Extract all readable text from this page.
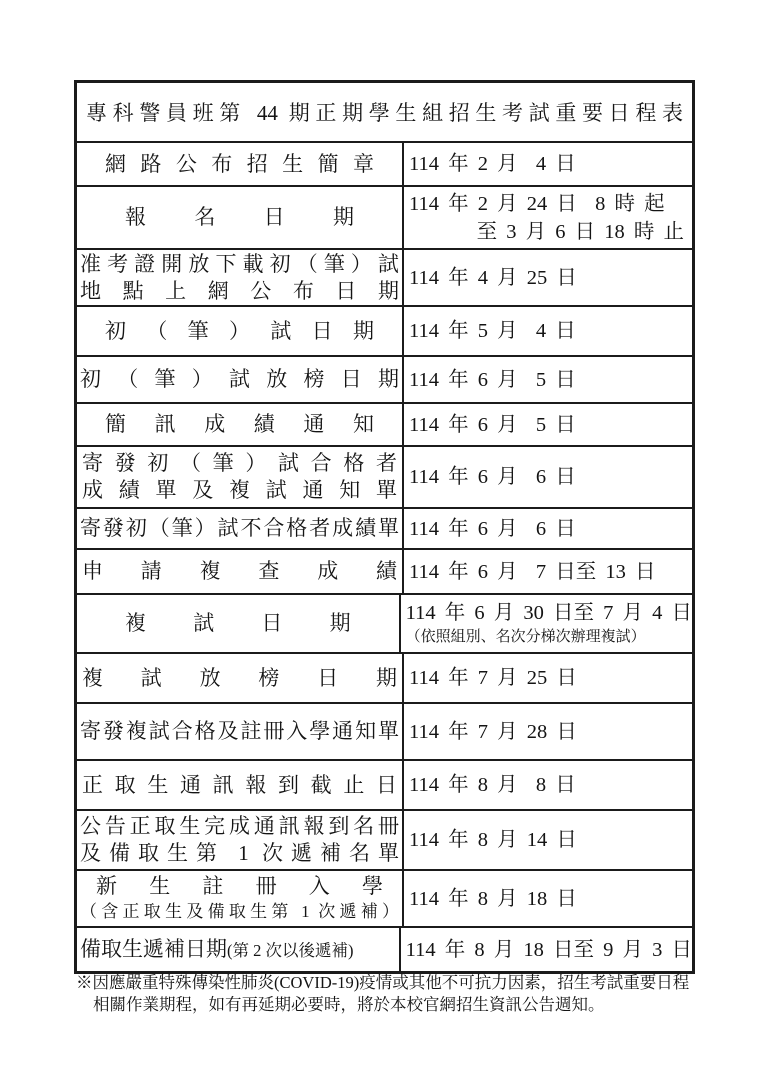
專科警員班第 44 期正期學生組招生考試重要日程表
網路公布招生簡章 114 年 2 月  4 日
報名日期
114 年 2 月 24 日  8 時 起
至 3 月 6 日 18 時 止
准考證開放下載初（筆）試
地點上網公布日期
114 年 4 月 25 日
初（筆）試日期 114 年 5 月  4 日
初（筆）試放榜日期 114 年 6 月  5 日
簡訊成績通知 114 年 6 月  5 日
寄發初（筆）試合格者
成績單及複試通知單
114 年 6 月  6 日
寄發初（筆）試不合格者成績單 114 年 6 月  6 日
申請複查成績 114 年 6 月  7 日至 13 日
複試日期	114 年 6 月 30 日至 7 月 4 日
（依照組別、名次分梯次辦理複試）
複試放榜日期 114 年 7 月 25 日
寄發複試合格及註冊入學通知單 114 年 7 月 28 日
正取生通訊報到截止日 114 年 8 月  8 日
公告正取生完成通訊報到名冊
及備取生第 1 次遞補名單
114 年 8 月 14 日
新生註冊入學
（含正取生及備取生第 1 次遞補）
114 年 8 月 18 日
備取生遞補日期(第 2 次以後遞補)	114 年 8 月 18 日至 9 月 3 日
※因應嚴重特殊傳染性肺炎(COVID-19)疫情或其他不可抗力因素，招生考試重要日程相關作業期程，如有再延期必要時，將於本校官網招生資訊公告週知。
